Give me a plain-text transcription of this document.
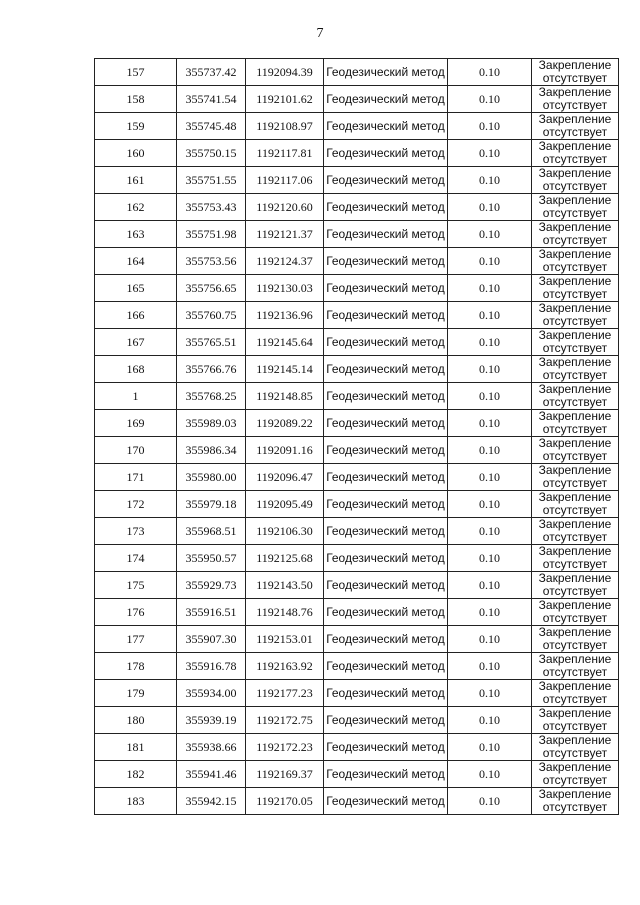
7
157	355737.42	1192094.39	Геодезический метод	0.10	Закрепление
отсутствует

158	355741.54	1192101.62	Геодезический метод	0.10	Закрепление
отсутствует

159	355745.48	1192108.97	Геодезический метод	0.10	Закрепление
отсутствует

160	355750.15	1192117.81	Геодезический метод	0.10	Закрепление
отсутствует

161	355751.55	1192117.06	Геодезический метод	0.10	Закрепление
отсутствует

162	355753.43	1192120.60	Геодезический метод	0.10	Закрепление
отсутствует

163	355751.98	1192121.37	Геодезический метод	0.10	Закрепление
отсутствует

164	355753.56	1192124.37	Геодезический метод	0.10	Закрепление
отсутствует

165	355756.65	1192130.03	Геодезический метод	0.10	Закрепление
отсутствует

166	355760.75	1192136.96	Геодезический метод	0.10	Закрепление
отсутствует

167	355765.51	1192145.64	Геодезический метод	0.10	Закрепление
отсутствует

168	355766.76	1192145.14	Геодезический метод	0.10	Закрепление
отсутствует

1	355768.25	1192148.85	Геодезический метод	0.10	Закрепление
отсутствует

169	355989.03	1192089.22	Геодезический метод	0.10	Закрепление
отсутствует

170	355986.34	1192091.16	Геодезический метод	0.10	Закрепление
отсутствует

171	355980.00	1192096.47	Геодезический метод	0.10	Закрепление
отсутствует

172	355979.18	1192095.49	Геодезический метод	0.10	Закрепление
отсутствует

173	355968.51	1192106.30	Геодезический метод	0.10	Закрепление
отсутствует

174	355950.57	1192125.68	Геодезический метод	0.10	Закрепление
отсутствует

175	355929.73	1192143.50	Геодезический метод	0.10	Закрепление
отсутствует

176	355916.51	1192148.76	Геодезический метод	0.10	Закрепление
отсутствует

177	355907.30	1192153.01	Геодезический метод	0.10	Закрепление
отсутствует

178	355916.78	1192163.92	Геодезический метод	0.10	Закрепление
отсутствует

179	355934.00	1192177.23	Геодезический метод	0.10	Закрепление
отсутствует

180	355939.19	1192172.75	Геодезический метод	0.10	Закрепление
отсутствует

181	355938.66	1192172.23	Геодезический метод	0.10	Закрепление
отсутствует

182	355941.46	1192169.37	Геодезический метод	0.10	Закрепление
отсутствует

183	355942.15	1192170.05	Геодезический метод	0.10	Закрепление
отсутствует
